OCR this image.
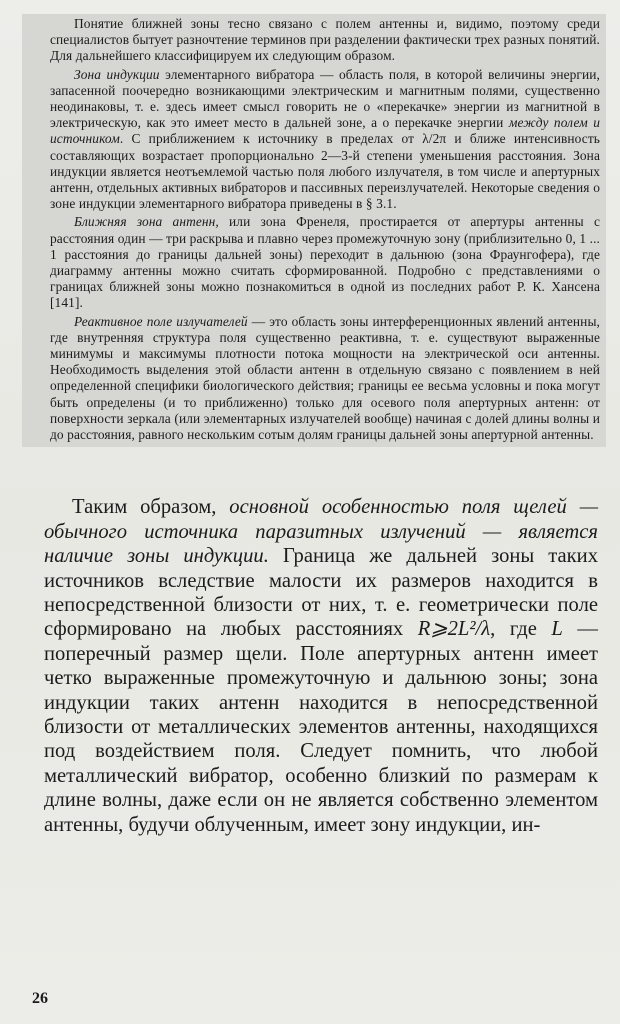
Понятие ближней зоны тесно связано с полем антенны и, видимо, поэтому среди специалистов бытует разночтение терминов при разделении фактически трех разных понятий. Для дальнейшего классифицируем их следующим образом.

Зона индукции элементарного вибратора — область поля, в которой величины энергии, запасенной поочередно возникающими электрическим и магнитным полями, существенно неодинаковы, т. е. здесь имеет смысл говорить не о «перекачке» энергии из магнитной в электрическую, как это имеет место в дальней зоне, а о перекачке энергии между полем и источником. С приближением к источнику в пределах от λ/2π и ближе интенсивность составляющих возрастает пропорционально 2—3-й степени уменьшения расстояния. Зона индукции является неотъемлемой частью поля любого излучателя, в том числе и апертурных антенн, отдельных активных вибраторов и пассивных переизлучателей. Некоторые сведения о зоне индукции элементарного вибратора приведены в § 3.1.

Ближняя зона антенн, или зона Френеля, простирается от апертуры антенны с расстояния один — три раскрыва и плавно через промежуточную зону (приблизительно 0, 1 ... 1 расстояния до границы дальней зоны) переходит в дальнюю (зона Фраунгофера), где диаграмму антенны можно считать сформированной. Подробно с представлениями о границах ближней зоны можно познакомиться в одной из последних работ Р. К. Хансена [141].

Реактивное поле излучателей — это область зоны интерференционных явлений антенны, где внутренняя структура поля существенно реактивна, т. е. существуют выраженные минимумы и максимумы плотности потока мощности на электрической оси антенны. Необходимость выделения этой области антенн в отдельную связано с появлением в ней определенной специфики биологического действия; границы ее весьма условны и пока могут быть определены (и то приближенно) только для осевого поля апертурных антенн: от поверхности зеркала (или элементарных излучателей вообще) начиная с долей длины волны и до расстояния, равного нескольким сотым долям границы дальней зоны апертурной антенны.

Таким образом, основной особенностью поля щелей — обычного источника паразитных излучений — является наличие зоны индукции. Граница же дальней зоны таких источников вследствие малости их размеров находится в непосредственной близости от них, т. е. геометрически поле сформировано на любых расстояниях R⩾2L²/λ, где L — поперечный размер щели. Поле апертурных антенн имеет четко выраженные промежуточную и дальнюю зоны; зона индукции таких антенн находится в непосредственной близости от металлических элементов антенны, находящихся под воздействием поля. Следует помнить, что любой металлический вибратор, особенно близкий по размерам к длине волны, даже если он не является собственно элементом антенны, будучи облученным, имеет зону индукции, ин-

26
